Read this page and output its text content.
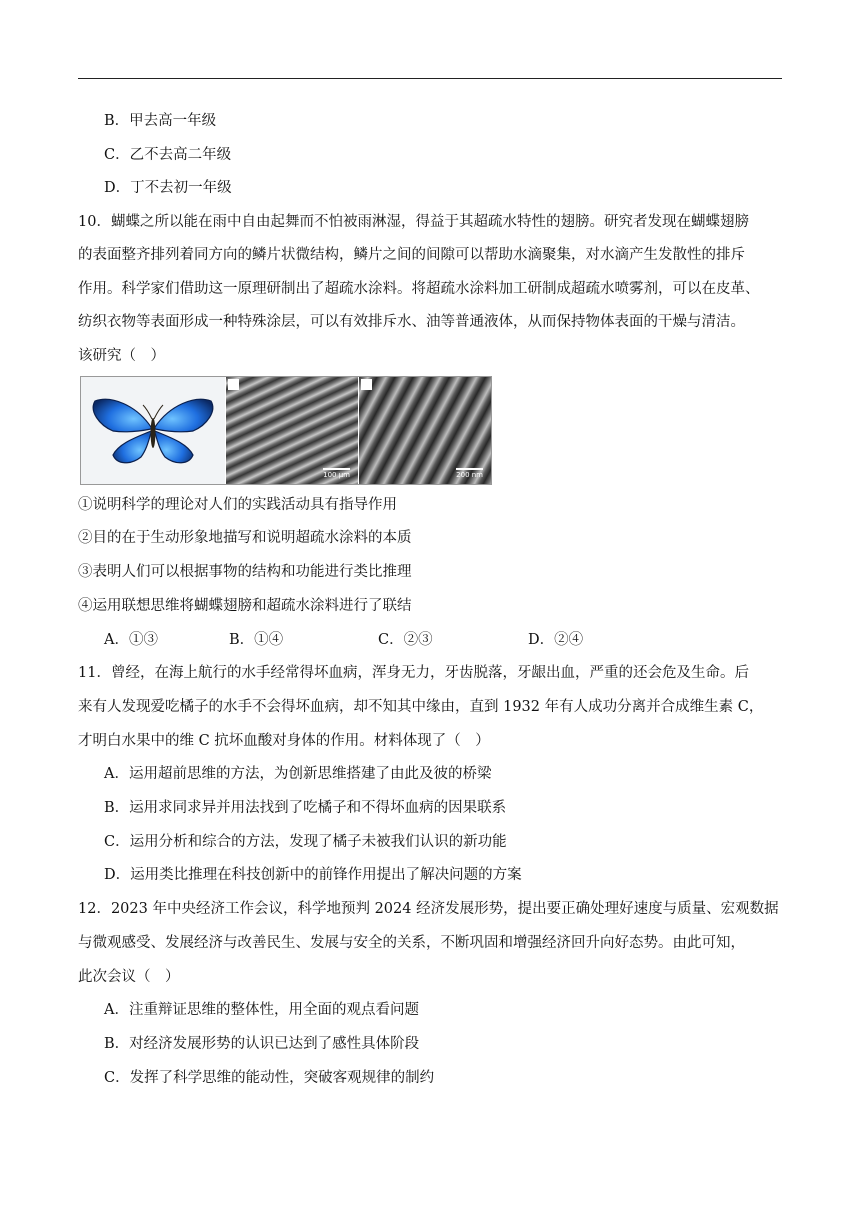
B．甲去高一年级
C．乙不去高二年级
D．丁不去初一年级
10．蝴蝶之所以能在雨中自由起舞而不怕被雨淋湿，得益于其超疏水特性的翅膀。研究者发现在蝴蝶翅膀
的表面整齐排列着同方向的鳞片状微结构，鳞片之间的间隙可以帮助水滴聚集，对水滴产生发散性的排斥
作用。科学家们借助这一原理研制出了超疏水涂料。将超疏水涂料加工研制成超疏水喷雾剂，可以在皮革、
纺织衣物等表面形成一种特殊涂层，可以有效排斥水、油等普通液体，从而保持物体表面的干燥与清洁。
该研究（　）
100 μm	200 nm
①说明科学的理论对人们的实践活动具有指导作用
②目的在于生动形象地描写和说明超疏水涂料的本质
③表明人们可以根据事物的结构和功能进行类比推理
④运用联想思维将蝴蝶翅膀和超疏水涂料进行了联结
A．①③	B．①④	C．②③	D．②④
11．曾经，在海上航行的水手经常得坏血病，浑身无力，牙齿脱落，牙龈出血，严重的还会危及生命。后
来有人发现爱吃橘子的水手不会得坏血病，却不知其中缘由，直到 1932 年有人成功分离并合成维生素 C，
才明白水果中的维 C 抗坏血酸对身体的作用。材料体现了（　）
A．运用超前思维的方法，为创新思维搭建了由此及彼的桥梁
B．运用求同求异并用法找到了吃橘子和不得坏血病的因果联系
C．运用分析和综合的方法，发现了橘子未被我们认识的新功能
D．运用类比推理在科技创新中的前锋作用提出了解决问题的方案
12．2023 年中央经济工作会议，科学地预判 2024 经济发展形势，提出要正确处理好速度与质量、宏观数据
与微观感受、发展经济与改善民生、发展与安全的关系，不断巩固和增强经济回升向好态势。由此可知，
此次会议（　）
A．注重辩证思维的整体性，用全面的观点看问题
B．对经济发展形势的认识已达到了感性具体阶段
C．发挥了科学思维的能动性，突破客观规律的制约
